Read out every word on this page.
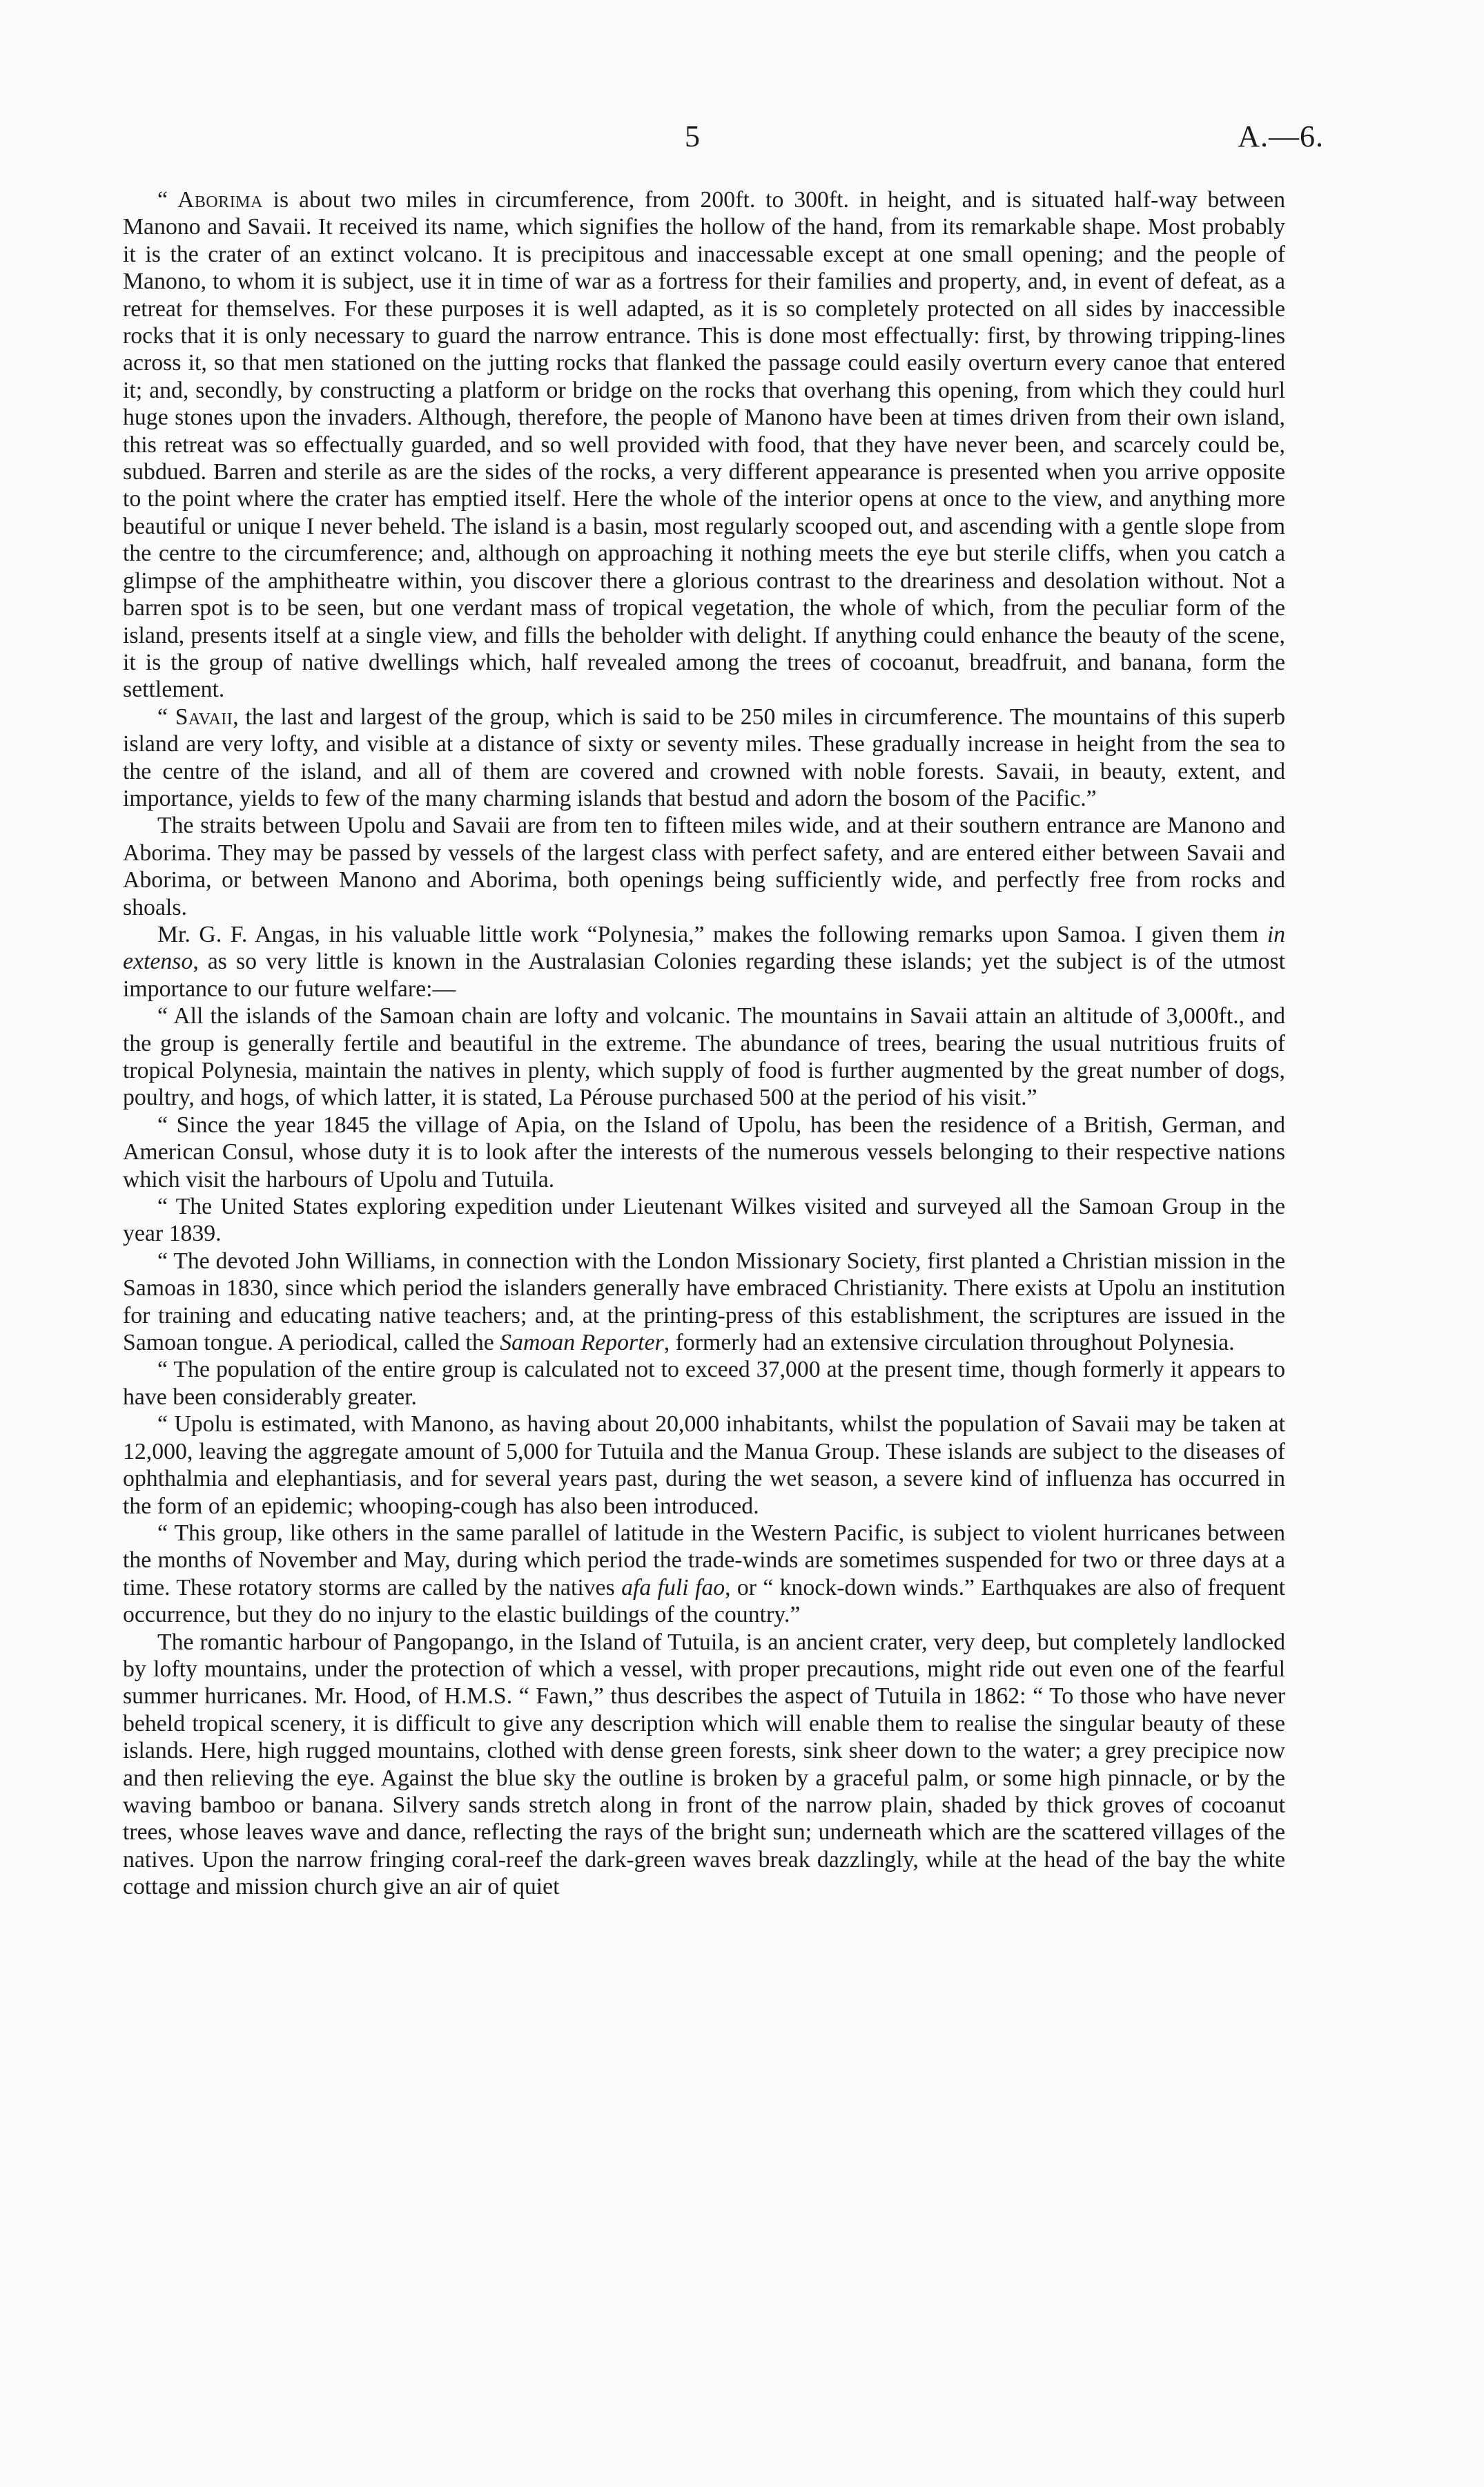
5	A.—6.

“ Aborima is about two miles in circumference, from 200ft. to 300ft. in height, and is situated half-way between Manono and Savaii. It received its name, which signifies the hollow of the hand, from its remarkable shape. Most probably it is the crater of an extinct volcano. It is precipitous and inaccessable except at one small opening; and the people of Manono, to whom it is subject, use it in time of war as a fortress for their families and property, and, in event of defeat, as a retreat for themselves. For these purposes it is well adapted, as it is so completely protected on all sides by inaccessible rocks that it is only necessary to guard the narrow entrance. This is done most effectually: first, by throwing tripping-lines across it, so that men stationed on the jutting rocks that flanked the passage could easily overturn every canoe that entered it; and, secondly, by constructing a platform or bridge on the rocks that overhang this opening, from which they could hurl huge stones upon the invaders. Although, therefore, the people of Manono have been at times driven from their own island, this retreat was so effectually guarded, and so well provided with food, that they have never been, and scarcely could be, subdued. Barren and sterile as are the sides of the rocks, a very different appearance is presented when you arrive opposite to the point where the crater has emptied itself. Here the whole of the interior opens at once to the view, and anything more beautiful or unique I never beheld. The island is a basin, most regularly scooped out, and ascending with a gentle slope from the centre to the circumference; and, although on approaching it nothing meets the eye but sterile cliffs, when you catch a glimpse of the amphitheatre within, you discover there a glorious contrast to the dreariness and desolation without. Not a barren spot is to be seen, but one verdant mass of tropical vegetation, the whole of which, from the peculiar form of the island, presents itself at a single view, and fills the beholder with delight. If anything could enhance the beauty of the scene, it is the group of native dwellings which, half revealed among the trees of cocoanut, breadfruit, and banana, form the settlement.

“ Savaii, the last and largest of the group, which is said to be 250 miles in circumference. The mountains of this superb island are very lofty, and visible at a distance of sixty or seventy miles. These gradually increase in height from the sea to the centre of the island, and all of them are covered and crowned with noble forests. Savaii, in beauty, extent, and importance, yields to few of the many charming islands that bestud and adorn the bosom of the Pacific.”

The straits between Upolu and Savaii are from ten to fifteen miles wide, and at their southern entrance are Manono and Aborima. They may be passed by vessels of the largest class with perfect safety, and are entered either between Savaii and Aborima, or between Manono and Aborima, both openings being sufficiently wide, and perfectly free from rocks and shoals.

Mr. G. F. Angas, in his valuable little work “Polynesia,” makes the following remarks upon Samoa. I given them in extenso, as so very little is known in the Australasian Colonies regarding these islands; yet the subject is of the utmost importance to our future welfare:—

“ All the islands of the Samoan chain are lofty and volcanic. The mountains in Savaii attain an altitude of 3,000ft., and the group is generally fertile and beautiful in the extreme. The abundance of trees, bearing the usual nutritious fruits of tropical Polynesia, maintain the natives in plenty, which supply of food is further augmented by the great number of dogs, poultry, and hogs, of which latter, it is stated, La Pérouse purchased 500 at the period of his visit.”

“ Since the year 1845 the village of Apia, on the Island of Upolu, has been the residence of a British, German, and American Consul, whose duty it is to look after the interests of the numerous vessels belonging to their respective nations which visit the harbours of Upolu and Tutuila.

“ The United States exploring expedition under Lieutenant Wilkes visited and surveyed all the Samoan Group in the year 1839.

“ The devoted John Williams, in connection with the London Missionary Society, first planted a Christian mission in the Samoas in 1830, since which period the islanders generally have embraced Christianity. There exists at Upolu an institution for training and educating native teachers; and, at the printing-press of this establishment, the scriptures are issued in the Samoan tongue. A periodical, called the Samoan Reporter, formerly had an extensive circulation throughout Polynesia.

“ The population of the entire group is calculated not to exceed 37,000 at the present time, though formerly it appears to have been considerably greater.

“ Upolu is estimated, with Manono, as having about 20,000 inhabitants, whilst the population of Savaii may be taken at 12,000, leaving the aggregate amount of 5,000 for Tutuila and the Manua Group. These islands are subject to the diseases of ophthalmia and elephantiasis, and for several years past, during the wet season, a severe kind of influenza has occurred in the form of an epidemic; whooping-cough has also been introduced.

“ This group, like others in the same parallel of latitude in the Western Pacific, is subject to violent hurricanes between the months of November and May, during which period the trade-winds are sometimes suspended for two or three days at a time. These rotatory storms are called by the natives afa fuli fao, or “ knock-down winds.” Earthquakes are also of frequent occurrence, but they do no injury to the elastic buildings of the country.”

The romantic harbour of Pangopango, in the Island of Tutuila, is an ancient crater, very deep, but completely landlocked by lofty mountains, under the protection of which a vessel, with proper precautions, might ride out even one of the fearful summer hurricanes. Mr. Hood, of H.M.S. “ Fawn,” thus describes the aspect of Tutuila in 1862: “ To those who have never beheld tropical scenery, it is difficult to give any description which will enable them to realise the singular beauty of these islands. Here, high rugged mountains, clothed with dense green forests, sink sheer down to the water; a grey precipice now and then relieving the eye. Against the blue sky the outline is broken by a graceful palm, or some high pinnacle, or by the waving bamboo or banana. Silvery sands stretch along in front of the narrow plain, shaded by thick groves of cocoanut trees, whose leaves wave and dance, reflecting the rays of the bright sun; underneath which are the scattered villages of the natives. Upon the narrow fringing coral-reef the dark-green waves break dazzlingly, while at the head of the bay the white cottage and mission church give an air of quiet
